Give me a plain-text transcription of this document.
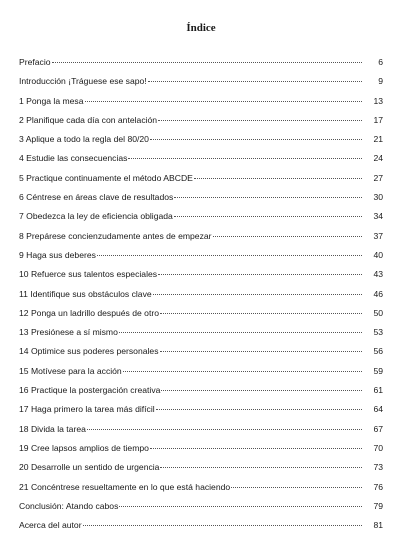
Índice
Prefacio	6
Introducción ¡Tráguese ese sapo!	9
1 Ponga la mesa	13
2 Planifique cada día con antelación	17
3 Aplique a todo la regla del 80/20	21
4 Estudie las consecuencias	24
5 Practique continuamente el método ABCDE	27
6 Céntrese en áreas clave de resultados	30
7 Obedezca la ley de eficiencia obligada	34
8 Prepárese concienzudamente antes de empezar	37
9 Haga sus deberes	40
10 Refuerce sus talentos especiales	43
11 Identifique sus obstáculos clave	46
12 Ponga un ladrillo después de otro	50
13 Presiónese a sí mismo	53
14 Optimice sus poderes personales	56
15 Motívese para la acción	59
16 Practique la postergación creativa	61
17 Haga primero la tarea más difícil	64
18 Divida la tarea	67
19 Cree lapsos amplios de tiempo	70
20 Desarrolle un sentido de urgencia	73
21 Concéntrese resueltamente en lo que está haciendo	76
Conclusión: Atando cabos	79
Acerca del autor	81
